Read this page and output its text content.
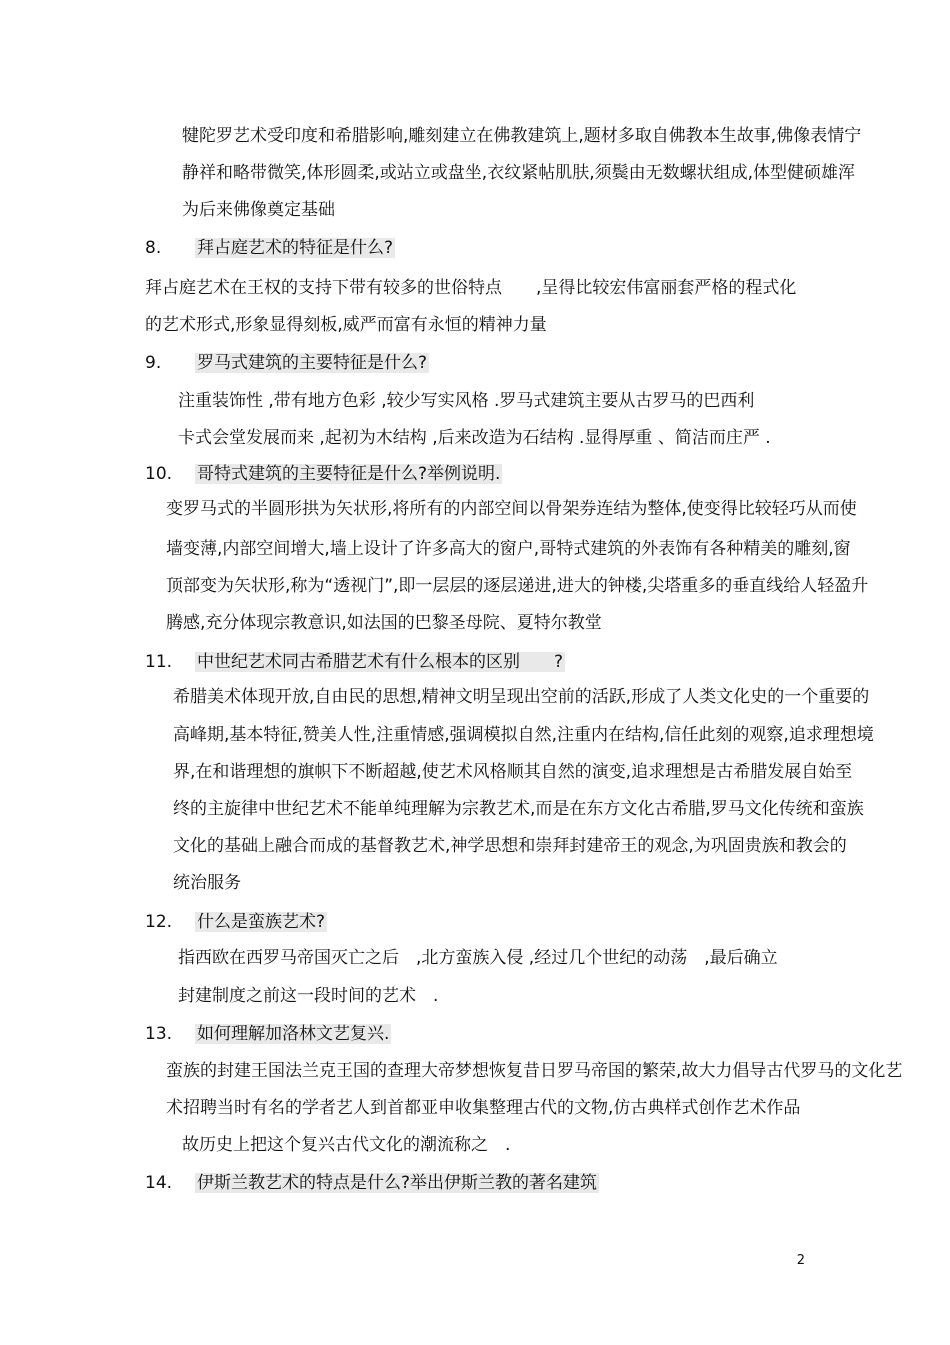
犍陀罗艺术受印度和希腊影响,雕刻建立在佛教建筑上,题材多取自佛教本生故事,佛像表情宁
静祥和略带微笑,体形圆柔,或站立或盘坐,衣纹紧帖肌肤,须鬓由无数螺状组成,体型健硕雄浑
为后来佛像奠定基础
8. 拜占庭艺术的特征是什么?
拜占庭艺术在王权的支持下带有较多的世俗特点　　,呈得比较宏伟富丽套严格的程式化
的艺术形式,形象显得刻板,威严而富有永恒的精神力量
9. 罗马式建筑的主要特征是什么?
注重装饰性 ,带有地方色彩 ,较少写实风格 .罗马式建筑主要从古罗马的巴西利
卡式会堂发展而来 ,起初为木结构 ,后来改造为石结构 .显得厚重 、简洁而庄严 .
10. 哥特式建筑的主要特征是什么?举例说明.
变罗马式的半圆形拱为矢状形,将所有的内部空间以骨架券连结为整体,使变得比较轻巧从而使
墙变薄,内部空间增大,墙上设计了许多高大的窗户,哥特式建筑的外表饰有各种精美的雕刻,窗
顶部变为矢状形,称为“透视门”,即一层层的逐层递进,进大的钟楼,尖塔重多的垂直线给人轻盈升
腾感,充分体现宗教意识,如法国的巴黎圣母院、夏特尔教堂
11. 中世纪艺术同古希腊艺术有什么根本的区别　　?
希腊美术体现开放,自由民的思想,精神文明呈现出空前的活跃,形成了人类文化史的一个重要的
高峰期,基本特征,赞美人性,注重情感,强调模拟自然,注重内在结构,信任此刻的观察,追求理想境
界,在和谐理想的旗帜下不断超越,使艺术风格顺其自然的演变,追求理想是古希腊发展自始至
终的主旋律中世纪艺术不能单纯理解为宗教艺术,而是在东方文化古希腊,罗马文化传统和蛮族
文化的基础上融合而成的基督教艺术,神学思想和崇拜封建帝王的观念,为巩固贵族和教会的
统治服务
12. 什么是蛮族艺术?
指西欧在西罗马帝国灭亡之后　,北方蛮族入侵 ,经过几个世纪的动荡　,最后确立
封建制度之前这一段时间的艺术　.
13. 如何理解加洛林文艺复兴.
蛮族的封建王国法兰克王国的查理大帝梦想恢复昔日罗马帝国的繁荣,故大力倡导古代罗马的文化艺
术招聘当时有名的学者艺人到首都亚申收集整理古代的文物,仿古典样式创作艺术作品
故历史上把这个复兴古代文化的潮流称之　.
14. 伊斯兰教艺术的特点是什么?举出伊斯兰教的著名建筑
2
